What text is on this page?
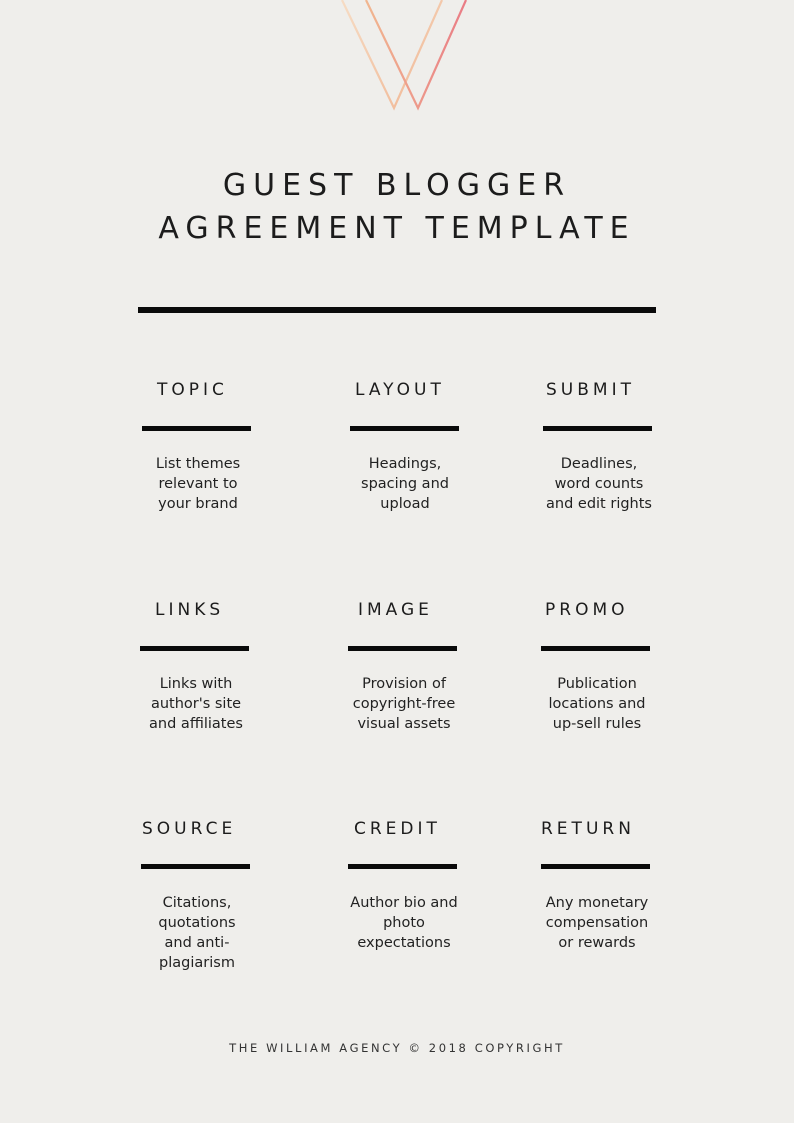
GUEST BLOGGER
AGREEMENT TEMPLATE
TOPIC
List themes
relevant to
your brand
LAYOUT
Headings,
spacing and
upload
SUBMIT
Deadlines,
word counts
and edit rights
LINKS
Links with
author's site
and affiliates
IMAGE
Provision of
copyright-free
visual assets
PROMO
Publication
locations and
up-sell rules
SOURCE
Citations,
quotations
and anti-
plagiarism
CREDIT
Author bio and
photo
expectations
RETURN
Any monetary
compensation
or rewards
THE WILLIAM AGENCY © 2018 COPYRIGHT
